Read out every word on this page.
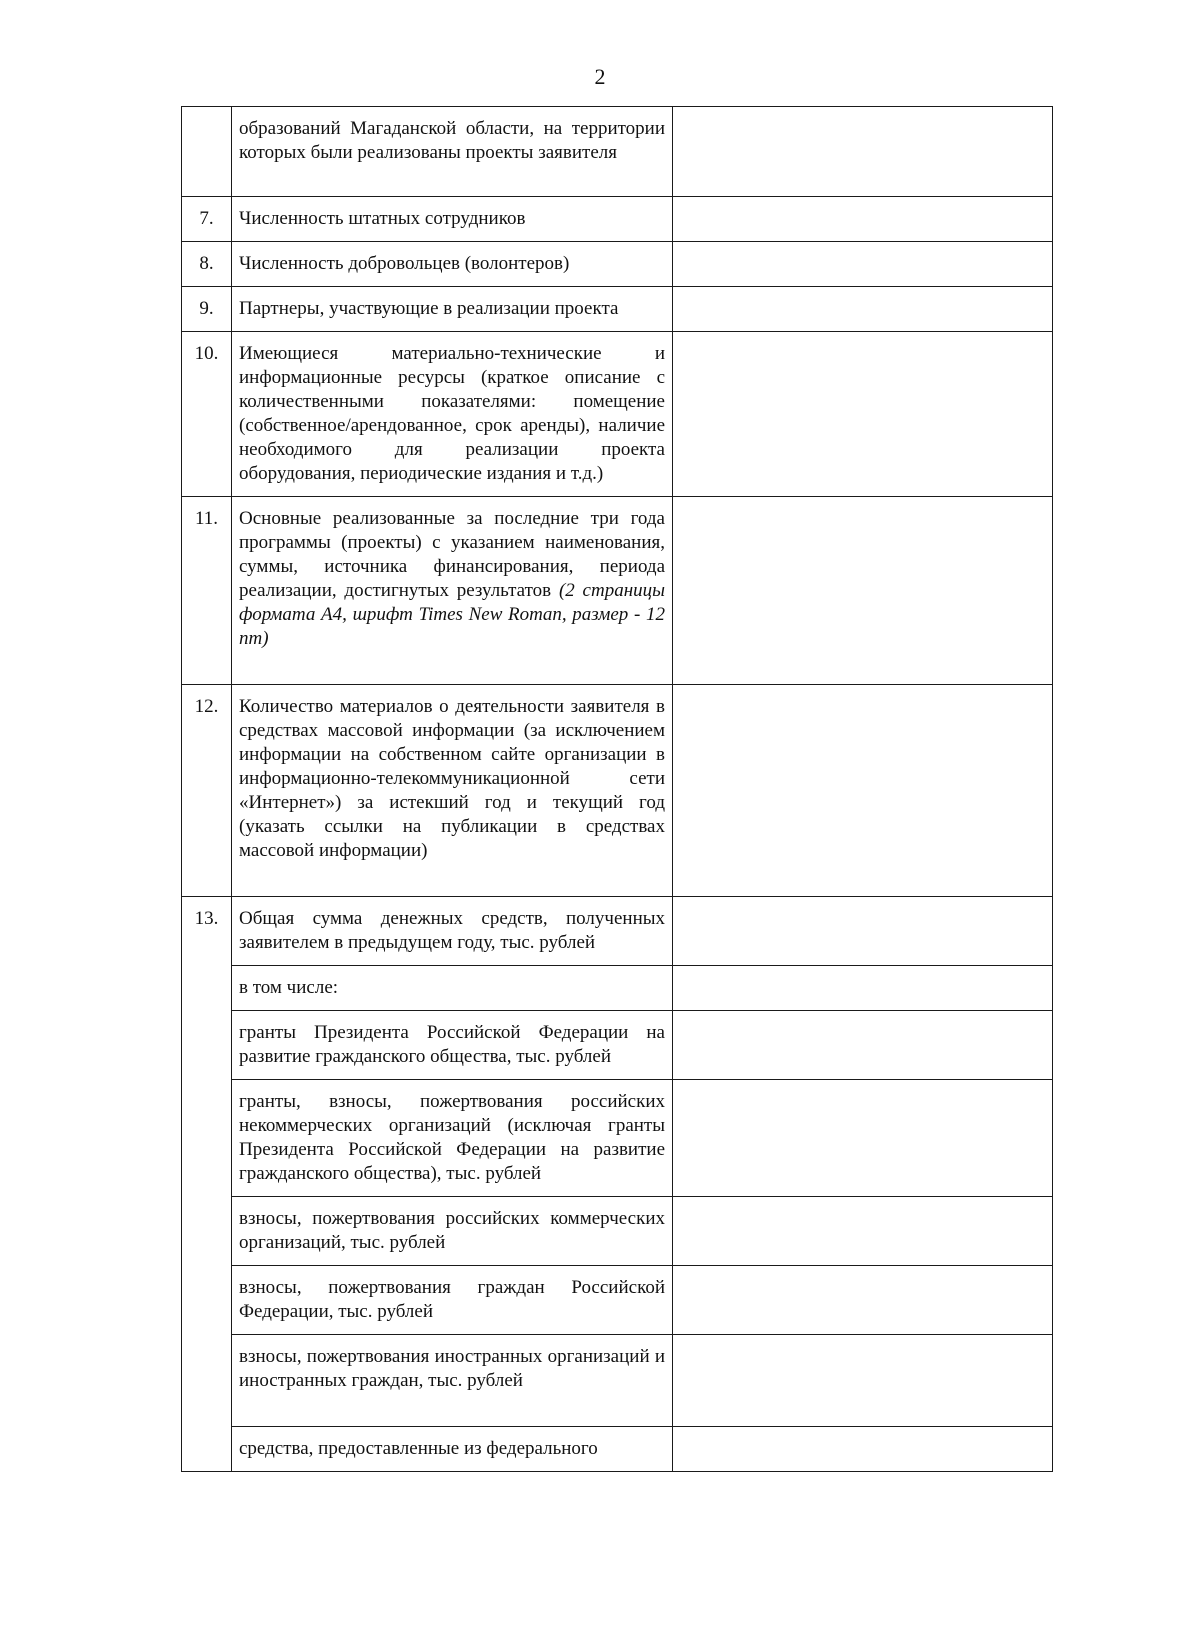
2
	образований Магаданской области, на территории которых были реализованы проекты заявителя	
7.	Численность штатных сотрудников	
8.	Численность добровольцев (волонтеров)	
9.	Партнеры, участвующие в реализации проекта	
10.	Имеющиеся материально-технические и информационные ресурсы (краткое описание с количественными показателями: помещение (собственное/арендованное, срок аренды), наличие необходимого для реализации проекта оборудования, периодические издания и т.д.)	
11.	Основные реализованные за последние три года программы (проекты) с указанием наименования, суммы, источника финансирования, периода реализации, достигнутых результатов (2 страницы формата А4, шрифт Times New Roman, размер - 12 пт)	
12.	Количество материалов о деятельности заявителя в средствах массовой информации (за исключением информации на собственном сайте организации в информационно-телекоммуникационной сети «Интернет») за истекший год и текущий год (указать ссылки на публикации в средствах массовой информации)	
13.	Общая сумма денежных средств, полученных заявителем в предыдущем году, тыс. рублей	
	в том числе:	
	гранты Президента Российской Федерации на развитие гражданского общества, тыс. рублей	
	гранты, взносы, пожертвования российских некоммерческих организаций (исключая гранты Президента Российской Федерации на развитие гражданского общества), тыс. рублей	
	взносы, пожертвования российских коммерческих организаций, тыс. рублей	
	взносы, пожертвования граждан Российской Федерации, тыс. рублей	
	взносы, пожертвования иностранных организаций и иностранных граждан, тыс. рублей	
	средства, предоставленные из федерального	
